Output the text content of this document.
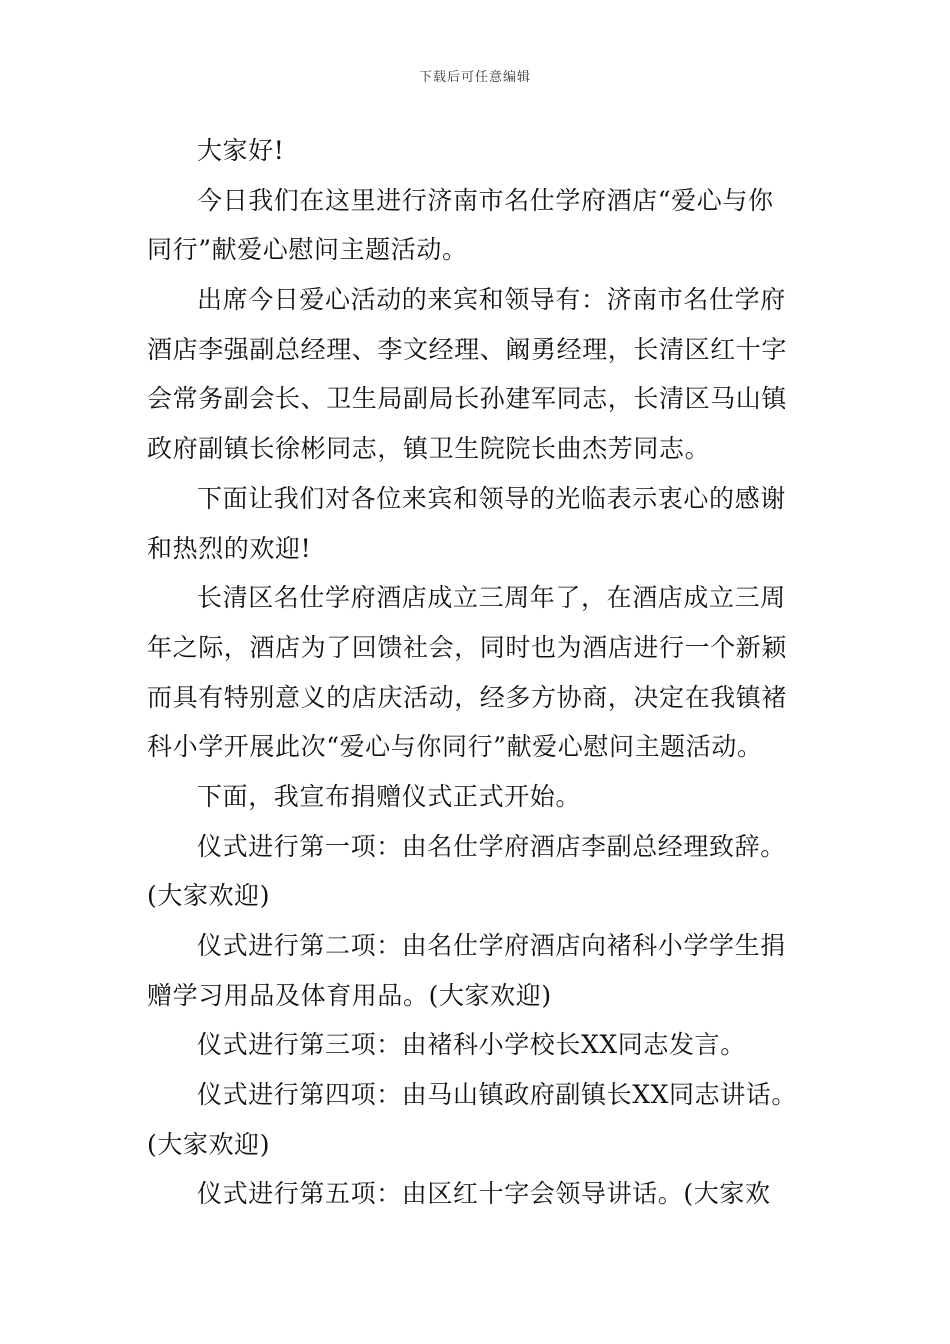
下载后可任意编辑
大家好!
今日我们在这里进行济南市名仕学府酒店“爱心与你
同行”献爱心慰问主题活动。
出席今日爱心活动的来宾和领导有：济南市名仕学府
酒店李强副总经理、李文经理、阚勇经理，长清区红十字
会常务副会长、卫生局副局长孙建军同志，长清区马山镇
政府副镇长徐彬同志，镇卫生院院长曲杰芳同志。
下面让我们对各位来宾和领导的光临表示衷心的感谢
和热烈的欢迎!
长清区名仕学府酒店成立三周年了，在酒店成立三周
年之际，酒店为了回馈社会，同时也为酒店进行一个新颖
而具有特别意义的店庆活动，经多方协商，决定在我镇褚
科小学开展此次“爱心与你同行”献爱心慰问主题活动。
下面，我宣布捐赠仪式正式开始。
仪式进行第一项：由名仕学府酒店李副总经理致辞。
(大家欢迎)
仪式进行第二项：由名仕学府酒店向褚科小学学生捐
赠学习用品及体育用品。(大家欢迎)
仪式进行第三项：由褚科小学校长XX同志发言。
仪式进行第四项：由马山镇政府副镇长XX同志讲话。
(大家欢迎)
仪式进行第五项：由区红十字会领导讲话。(大家欢
